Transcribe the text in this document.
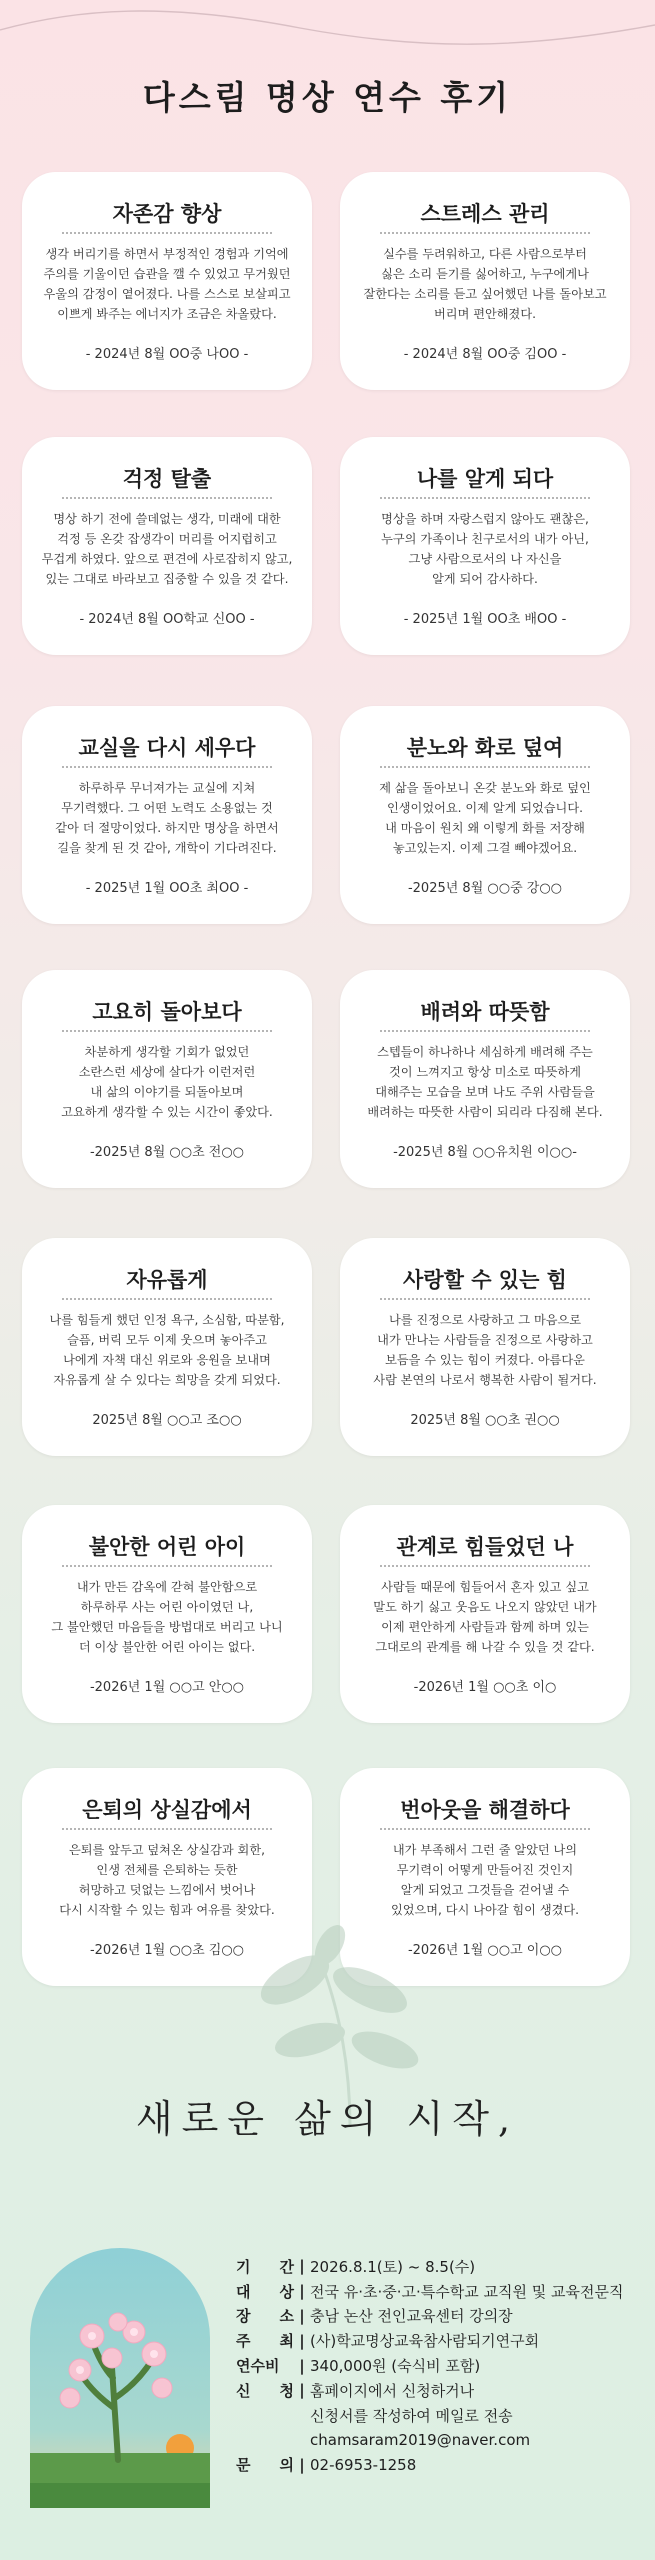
다스림 명상 연수 후기
자존감 향상
생각 버리기를 하면서 부정적인 경험과 기억에
주의를 기울이던 습관을 깰 수 있었고 무거웠던
우울의 감정이 옅어졌다. 나를 스스로 보살피고
이쁘게 봐주는 에너지가 조금은 차올랐다.
- 2024년 8월 OO중 나OO -
스트레스 관리
실수를 두려워하고, 다른 사람으로부터
싫은 소리 듣기를 싫어하고, 누구에게나
잘한다는 소리를 듣고 싶어했던 나를 돌아보고
버리며 편안해졌다.
- 2024년 8월 OO중 김OO -
걱정 탈출
명상 하기 전에 쓸데없는 생각, 미래에 대한
걱정 등 온갖 잡생각이 머리를 어지럽히고
무겁게 하였다. 앞으로 편견에 사로잡히지 않고,
있는 그대로 바라보고 집중할 수 있을 것 같다.
- 2024년 8월 OO학교 신OO -
나를 알게 되다
명상을 하며 자랑스럽지 않아도 괜찮은,
누구의 가족이나 친구로서의 내가 아닌,
그냥 사람으로서의 나 자신을
알게 되어 감사하다.
- 2025년 1월 OO초 배OO -
교실을 다시 세우다
하루하루 무너져가는 교실에 지쳐
무기력했다. 그 어떤 노력도 소용없는 것
같아 더 절망이었다. 하지만 명상을 하면서
길을 찾게 된 것 같아, 개학이 기다려진다.
- 2025년 1월 OO초 최OO -
분노와 화로 덮여
제 삶을 돌아보니 온갖 분노와 화로 덮인
인생이었어요. 이제 알게 되었습니다.
내 마음이 원치 왜 이렇게 화를 저장해
놓고있는지. 이제 그걸 빼야겠어요.
-2025년 8월 ○○중 강○○
고요히 돌아보다
차분하게 생각할 기회가 없었던
소란스런 세상에 살다가 이런저런
내 삶의 이야기를 되돌아보며
고요하게 생각할 수 있는 시간이 좋았다.
-2025년 8월 ○○초 전○○
배려와 따뜻함
스텝들이 하나하나 세심하게 배려해 주는
것이 느껴지고 항상 미소로 따뜻하게
대해주는 모습을 보며 나도 주위 사람들을
배려하는 따뜻한 사람이 되리라 다짐해 본다.
-2025년 8월 ○○유치원 이○○-
자유롭게
나를 힘들게 했던 인정 욕구, 소심함, 따분함,
슬픔, 버릭 모두 이제 웃으며 놓아주고
나에게 자책 대신 위로와 응원을 보내며
자유롭게 살 수 있다는 희망을 갖게 되었다.
2025년 8월 ○○고 조○○
사랑할 수 있는 힘
나를 진정으로 사랑하고 그 마음으로
내가 만나는 사람들을 진정으로 사랑하고
보듬을 수 있는 힘이 커졌다. 아름다운
사람 본연의 나로서 행복한 사람이 될거다.
2025년 8월 ○○초 권○○
불안한 어린 아이
내가 만든 감옥에 갇혀 불안함으로
하루하루 사는 어린 아이였던 나,
그 불안했던 마음들을 방법대로 버리고 나니
더 이상 불안한 어린 아이는 없다.
-2026년 1월 ○○고 안○○
관계로 힘들었던 나
사람들 때문에 힘들어서 혼자 있고 싶고
말도 하기 싫고 웃음도 나오지 않았던 내가
이제 편안하게 사람들과 함께 하며 있는
그대로의 관계를 해 나갈 수 있을 것 같다.
-2026년 1월 ○○초 이○
은퇴의 상실감에서
은퇴를 앞두고 덮쳐온 상실감과 회한,
인생 전체를 은퇴하는 듯한
허망하고 덧없는 느낌에서 벗어나
다시 시작할 수 있는 힘과 여유를 찾았다.
-2026년 1월 ○○초 김○○
번아웃을 해결하다
내가 부족해서 그런 줄 알았던 나의
무기력이 어떻게 만들어진 것인지
알게 되었고 그것들을 걷어낼 수
있었으며, 다시 나아갈 힘이 생겼다.
-2026년 1월 ○○고 이○○
새로운 삶의 시작,
기 간 | 2026.8.1(토) ~ 8.5(수)
대 상 | 전국 유·초·중·고·특수학교 교직원 및 교육전문직
장 소 | 충남 논산 전인교육센터 강의장
주 최 | (사)학교명상교육참사람되기연구회
연수비	| 340,000원 (숙식비 포함)
신 청 | 홈페이지에서 신청하거나
신청서를 작성하여 메일로 전송
chamsaram2019@naver.com
문 의 | 02-6953-1258
